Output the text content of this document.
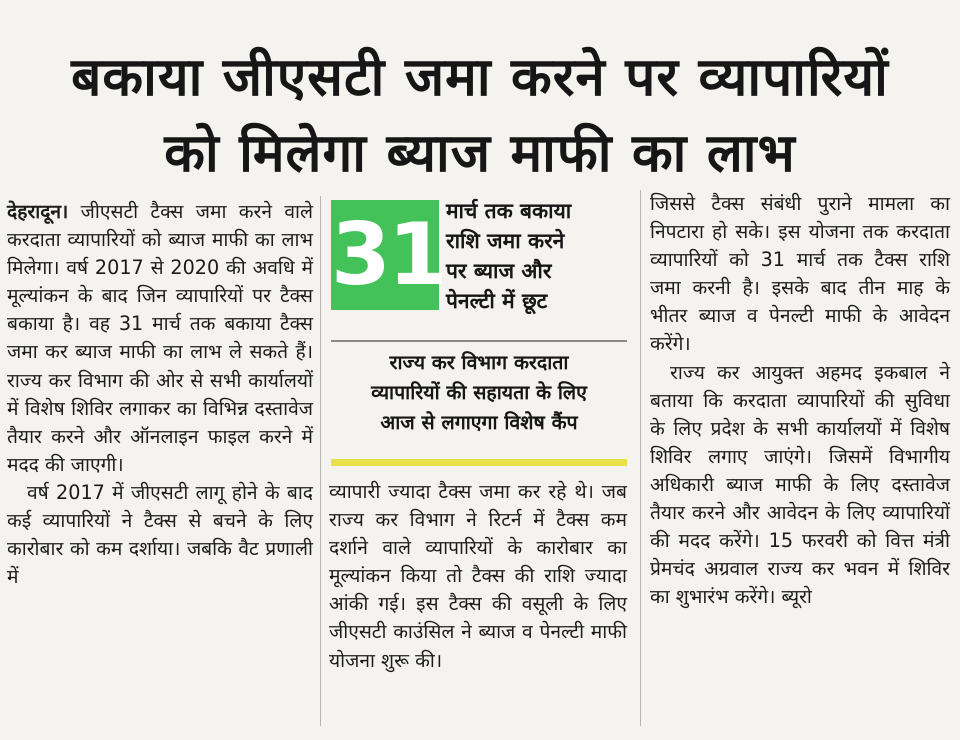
बकाया जीएसटी जमा करने पर व्यापारियों
को मिलेगा ब्याज माफी का लाभ

देहरादून। जीएसटी टैक्स जमा करने वाले करदाता व्यापारियों को ब्याज माफी का लाभ मिलेगा। वर्ष 2017 से 2020 की अवधि में मूल्यांकन के बाद जिन व्यापारियों पर टैक्स बकाया है। वह 31 मार्च तक बकाया टैक्स जमा कर ब्याज माफी का लाभ ले सकते हैं। राज्य कर विभाग की ओर से सभी कार्यालयों में विशेष शिविर लगाकर का विभिन्न दस्तावेज तैयार करने और ऑनलाइन फाइल करने में मदद की जाएगी।

वर्ष 2017 में जीएसटी लागू होने के बाद कई व्यापारियों ने टैक्स से बचने के लिए कारोबार को कम दर्शाया। जबकि वैट प्रणाली में

31 मार्च तक बकाया
राशि जमा करने
पर ब्याज और
पेनल्टी में छूट
राज्य कर विभाग करदाता
व्यापारियों की सहायता के लिए
आज से लगाएगा विशेष कैंप

व्यापारी ज्यादा टैक्स जमा कर रहे थे। जब राज्य कर विभाग ने रिटर्न में टैक्स कम दर्शाने वाले व्यापारियों के कारोबार का मूल्यांकन किया तो टैक्स की राशि ज्यादा आंकी गई। इस टैक्स की वसूली के लिए जीएसटी काउंसिल ने ब्याज व पेनल्टी माफी योजना शुरू की।

जिससे टैक्स संबंधी पुराने मामला का निपटारा हो सके। इस योजना तक करदाता व्यापारियों को 31 मार्च तक टैक्स राशि जमा करनी है। इसके बाद तीन माह के भीतर ब्याज व पेनल्टी माफी के आवेदन करेंगे।

राज्य कर आयुक्त अहमद इकबाल ने बताया कि करदाता व्यापारियों की सुविधा के लिए प्रदेश के सभी कार्यालयों में विशेष शिविर लगाए जाएंगे। जिसमें विभागीय अधिकारी ब्याज माफी के लिए दस्तावेज तैयार करने और आवेदन के लिए व्यापारियों की मदद करेंगे। 15 फरवरी को वित्त मंत्री प्रेमचंद अग्रवाल राज्य कर भवन में शिविर का शुभारंभ करेंगे। ब्यूरो
